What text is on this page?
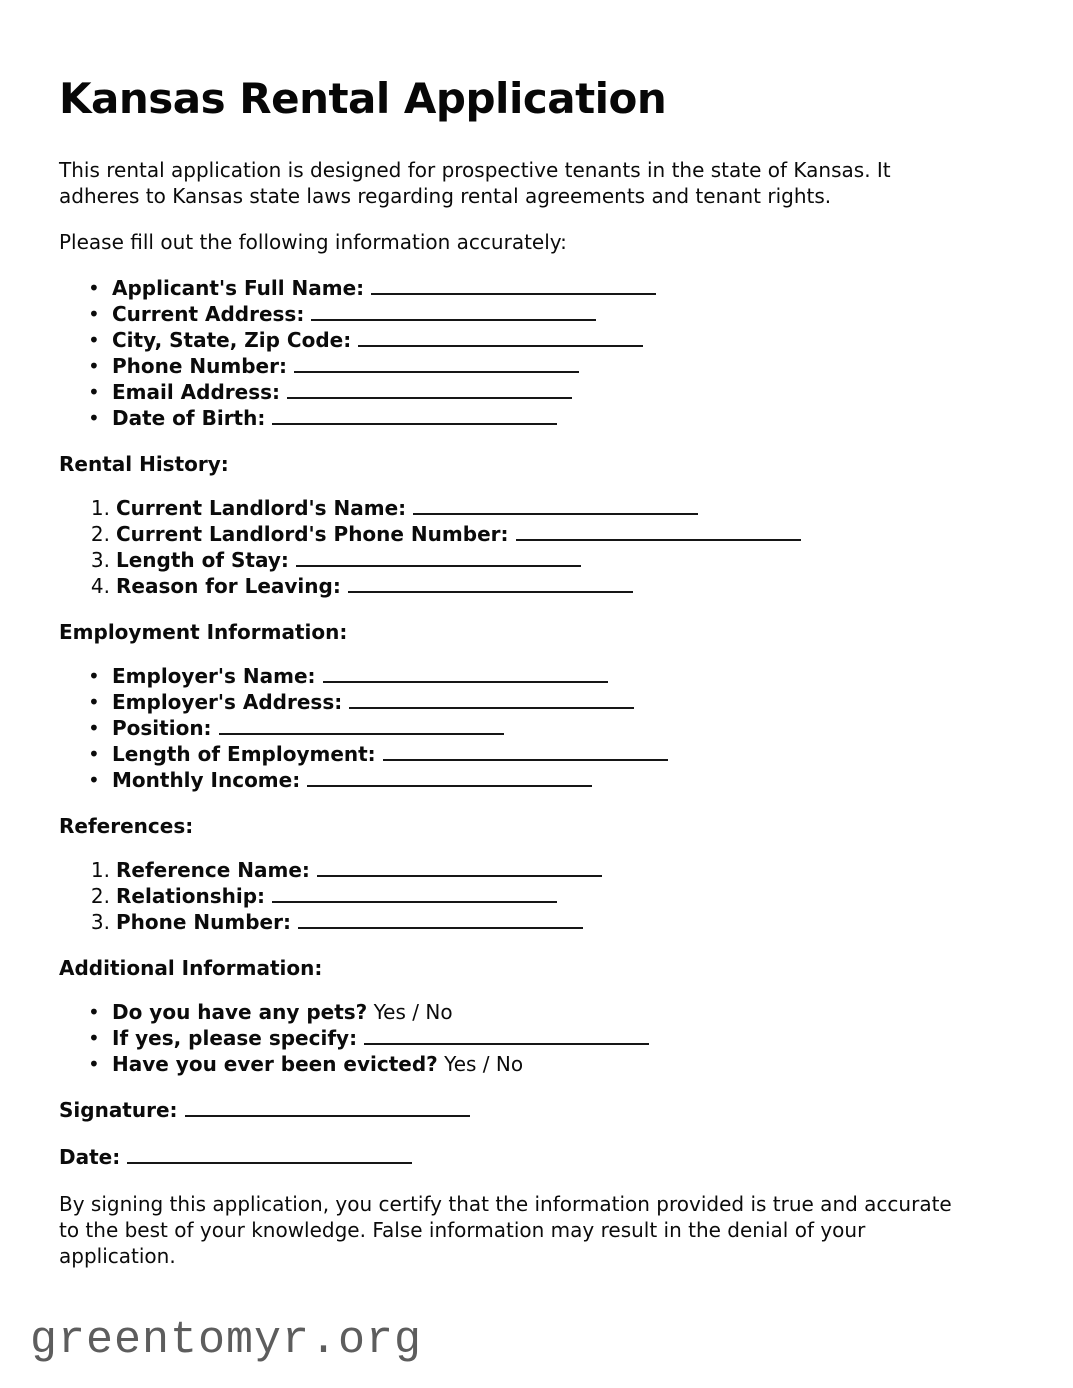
Kansas Rental Application
This rental application is designed for prospective tenants in the state of Kansas. It
adheres to Kansas state laws regarding rental agreements and tenant rights.
Please fill out the following information accurately:
• Applicant's Full Name:
• Current Address:
• City, State, Zip Code:
• Phone Number:
• Email Address:
• Date of Birth:
Rental History:
1. Current Landlord's Name:
2. Current Landlord's Phone Number:
3. Length of Stay:
4. Reason for Leaving:
Employment Information:
• Employer's Name:
• Employer's Address:
• Position:
• Length of Employment:
• Monthly Income:
References:
1. Reference Name:
2. Relationship:
3. Phone Number:
Additional Information:
• Do you have any pets? Yes / No
• If yes, please specify:
• Have you ever been evicted? Yes / No
Signature:
Date:
By signing this application, you certify that the information provided is true and accurate
to the best of your knowledge. False information may result in the denial of your
application.
greentomyr.org
